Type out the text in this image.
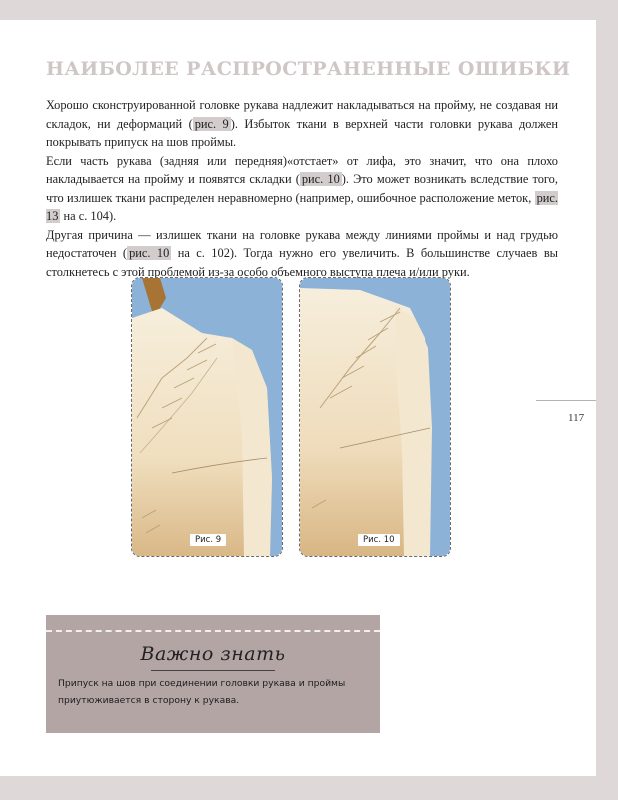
117
НАИБОЛЕЕ РАСПРОСТРАНЕННЫЕ ОШИБКИ

Хорошо сконструированной головке рукава надлежит накладываться на пройму, не создавая ни складок, ни деформаций ( рис. 9 ). Избыток ткани в верхней части головки рукава должен покрывать припуск на шов проймы.

Если часть рукава (задняя или передняя)«отстает» от лифа, это значит, что она плохо накладывается на пройму и появятся складки ( рис. 10 ). Это может возникать вследствие того, что излишек ткани распределен неравномерно (например, ошибочное расположение меток, рис. 13 на с. 104).

Другая причина — излишек ткани на головке рукава между линиями проймы и над грудью недостаточен ( рис. 10 на с. 102). Тогда нужно его увеличить. В большинстве случаев вы столкнетесь с этой проблемой из-за особо объемного выступа плеча и/или руки.

Рис. 9	Рис. 10
Важно знать

Припуск на шов при соединении головки рукава и проймы приутюживается в сторону к рукава.
